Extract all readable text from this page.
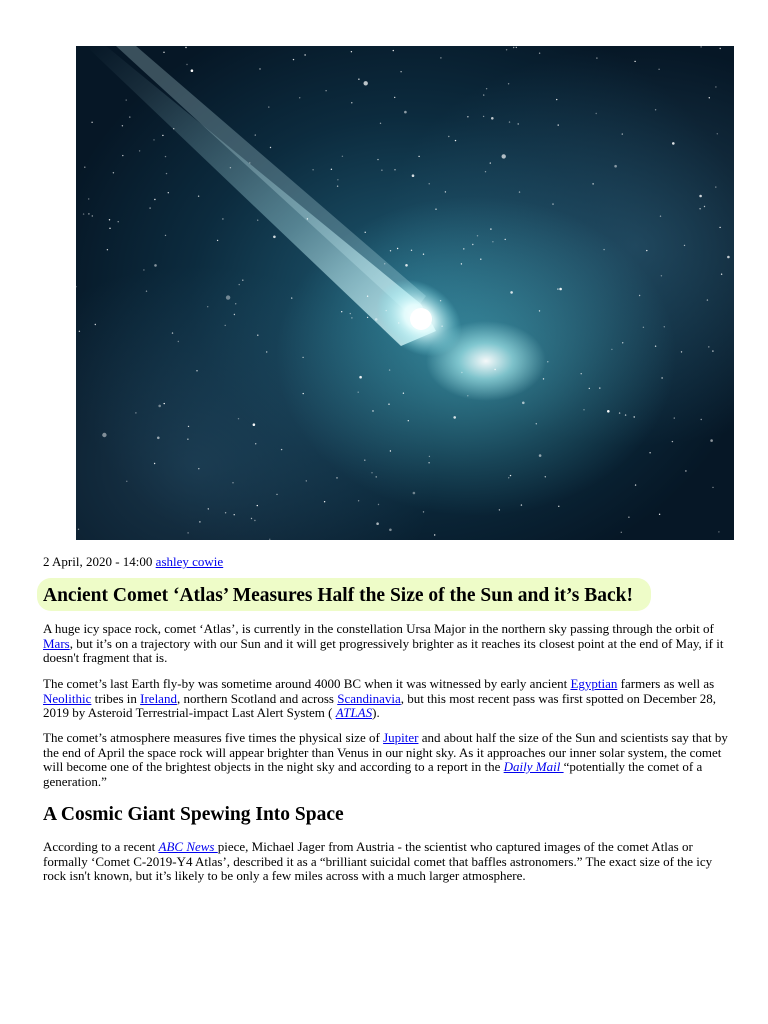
2 April, 2020 - 14:00 ashley cowie
Ancient Comet ‘Atlas’ Measures Half the Size of the Sun and it’s Back!

A huge icy space rock, comet ‘Atlas’, is currently in the constellation Ursa Major in the northern sky passing through the orbit of Mars, but it’s on a trajectory with our Sun and it will get progressively brighter as it reaches its closest point at the end of May, if it doesn't fragment that is.

The comet’s last Earth fly-by was sometime around 4000 BC when it was witnessed by early ancient Egyptian farmers as well as Neolithic tribes in Ireland, northern Scotland and across Scandinavia, but this most recent pass was first spotted on December 28, 2019 by Asteroid Terrestrial-impact Last Alert System ( ATLAS).

The comet’s atmosphere measures five times the physical size of Jupiter and about half the size of the Sun and scientists say that by the end of April the space rock will appear brighter than Venus in our night sky. As it approaches our inner solar system, the comet will become one of the brightest objects in the night sky and according to a report in the Daily Mail “potentially the comet of a generation.”

A Cosmic Giant Spewing Into Space

According to a recent ABC News piece, Michael Jager from Austria - the scientist who captured images of the comet Atlas or formally ‘Comet C-2019-Y4 Atlas’, described it as a “brilliant suicidal comet that baffles astronomers.” The exact size of the icy rock isn't known, but it’s likely to be only a few miles across with a much larger atmosphere.
